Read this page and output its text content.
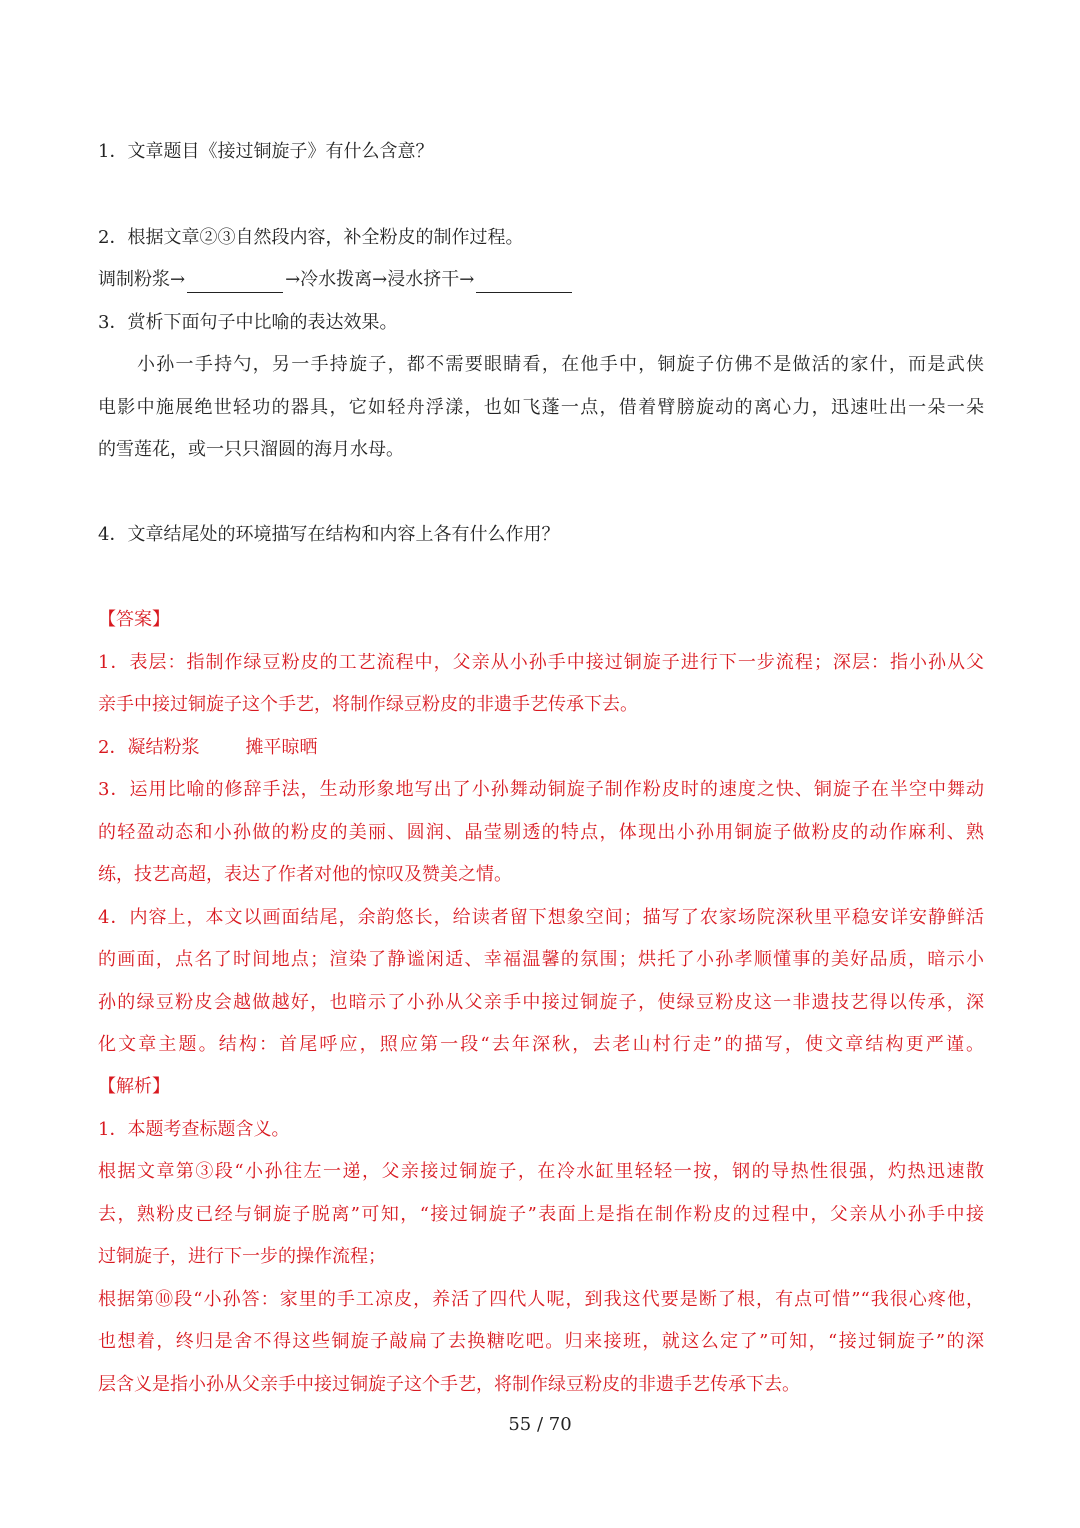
1．文章题目《接过铜旋子》有什么含意？
2．根据文章②③自然段内容，补全粉皮的制作过程。
调制粉浆→	→冷水拨离→浸水挤干→
3．赏析下面句子中比喻的表达效果。
小孙一手持勺，另一手持旋子，都不需要眼睛看，在他手中，铜旋子仿佛不是做活的家什，而是武侠
电影中施展绝世轻功的器具，它如轻舟浮漾，也如飞蓬一点，借着臂膀旋动的离心力，迅速吐出一朵一朵
的雪莲花，或一只只溜圆的海月水母。
4．文章结尾处的环境描写在结构和内容上各有什么作用？
【答案】
1．表层：指制作绿豆粉皮的工艺流程中，父亲从小孙手中接过铜旋子进行下一步流程；深层：指小孙从父
亲手中接过铜旋子这个手艺，将制作绿豆粉皮的非遗手艺传承下去。
2．凝结粉浆	摊平晾晒
3．运用比喻的修辞手法，生动形象地写出了小孙舞动铜旋子制作粉皮时的速度之快、铜旋子在半空中舞动
的轻盈动态和小孙做的粉皮的美丽、圆润、晶莹剔透的特点，体现出小孙用铜旋子做粉皮的动作麻利、熟
练，技艺高超，表达了作者对他的惊叹及赞美之情。
4．内容上，本文以画面结尾，余韵悠长，给读者留下想象空间；描写了农家场院深秋里平稳安详安静鲜活
的画面，点名了时间地点；渲染了静谧闲适、幸福温馨的氛围；烘托了小孙孝顺懂事的美好品质，暗示小
孙的绿豆粉皮会越做越好，也暗示了小孙从父亲手中接过铜旋子，使绿豆粉皮这一非遗技艺得以传承，深
化文章主题。结构：首尾呼应，照应第一段“去年深秋，去老山村行走”的描写，使文章结构更严谨。
【解析】
1．本题考查标题含义。
根据文章第③段“小孙往左一递，父亲接过铜旋子，在冷水缸里轻轻一按，钢的导热性很强，灼热迅速散
去，熟粉皮已经与铜旋子脱离”可知，“接过铜旋子”表面上是指在制作粉皮的过程中，父亲从小孙手中接
过铜旋子，进行下一步的操作流程；
根据第⑩段“小孙答：家里的手工凉皮，养活了四代人呢，到我这代要是断了根，有点可惜”“我很心疼他，
也想着，终归是舍不得这些铜旋子敲扁了去换糖吃吧。归来接班，就这么定了”可知，“接过铜旋子”的深
层含义是指小孙从父亲手中接过铜旋子这个手艺，将制作绿豆粉皮的非遗手艺传承下去。
55 / 70
